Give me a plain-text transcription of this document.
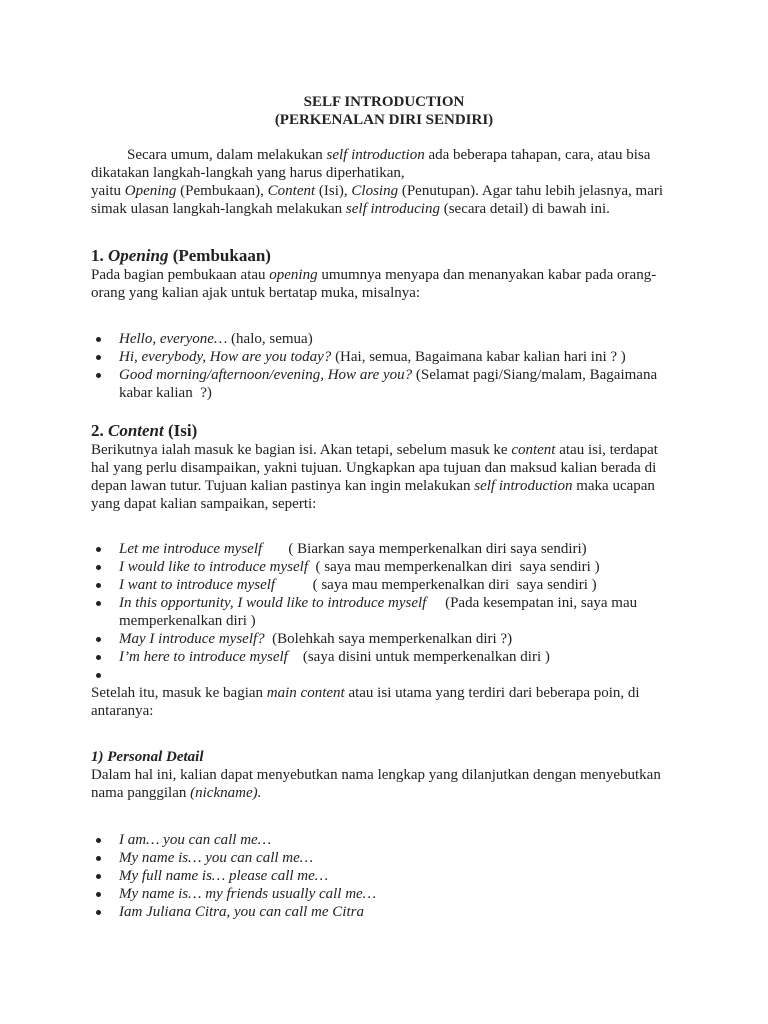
SELF INTRODUCTION
(PERKENALAN DIRI SENDIRI)

Secara umum, dalam melakukan self introduction ada beberapa tahapan, cara, atau bisa dikatakan langkah-langkah yang harus diperhatikan,
yaitu Opening (Pembukaan), Content (Isi), Closing (Penutupan). Agar tahu lebih jelasnya, mari simak ulasan langkah-langkah melakukan self introducing (secara detail) di bawah ini.

1. Opening (Pembukaan)

Pada bagian pembukaan atau opening umumnya menyapa dan menanyakan kabar pada orang-orang yang kalian ajak untuk bertatap muka, misalnya:

Hello, everyone… (halo, semua)
Hi, everybody, How are you today? (Hai, semua, Bagaimana kabar kalian hari ini ? )
Good morning/afternoon/evening, How are you? (Selamat pagi/Siang/malam, Bagaimana kabar kalian  ?)
2. Content (Isi)

Berikutnya ialah masuk ke bagian isi. Akan tetapi, sebelum masuk ke content atau isi, terdapat hal yang perlu disampaikan, yakni tujuan. Ungkapkan apa tujuan dan maksud kalian berada di depan lawan tutur. Tujuan kalian pastinya kan ingin melakukan self introduction maka ucapan yang dapat kalian sampaikan, seperti:

Let me introduce myself       ( Biarkan saya memperkenalkan diri saya sendiri)
I would like to introduce myself  ( saya mau memperkenalkan diri  saya sendiri )
I want to introduce myself          ( saya mau memperkenalkan diri  saya sendiri )
In this opportunity, I would like to introduce myself     (Pada kesempatan ini, saya mau memperkenalkan diri )
May I introduce myself?  (Bolehkah saya memperkenalkan diri ?)
I’m here to introduce myself    (saya disini untuk memperkenalkan diri )

Setelah itu, masuk ke bagian main content atau isi utama yang terdiri dari beberapa poin, di antaranya:

1) Personal Detail

Dalam hal ini, kalian dapat menyebutkan nama lengkap yang dilanjutkan dengan menyebutkan nama panggilan (nickname).

I am… you can call me…
My name is… you can call me…
My full name is… please call me…
My name is… my friends usually call me…
Iam Juliana Citra, you can call me Citra
